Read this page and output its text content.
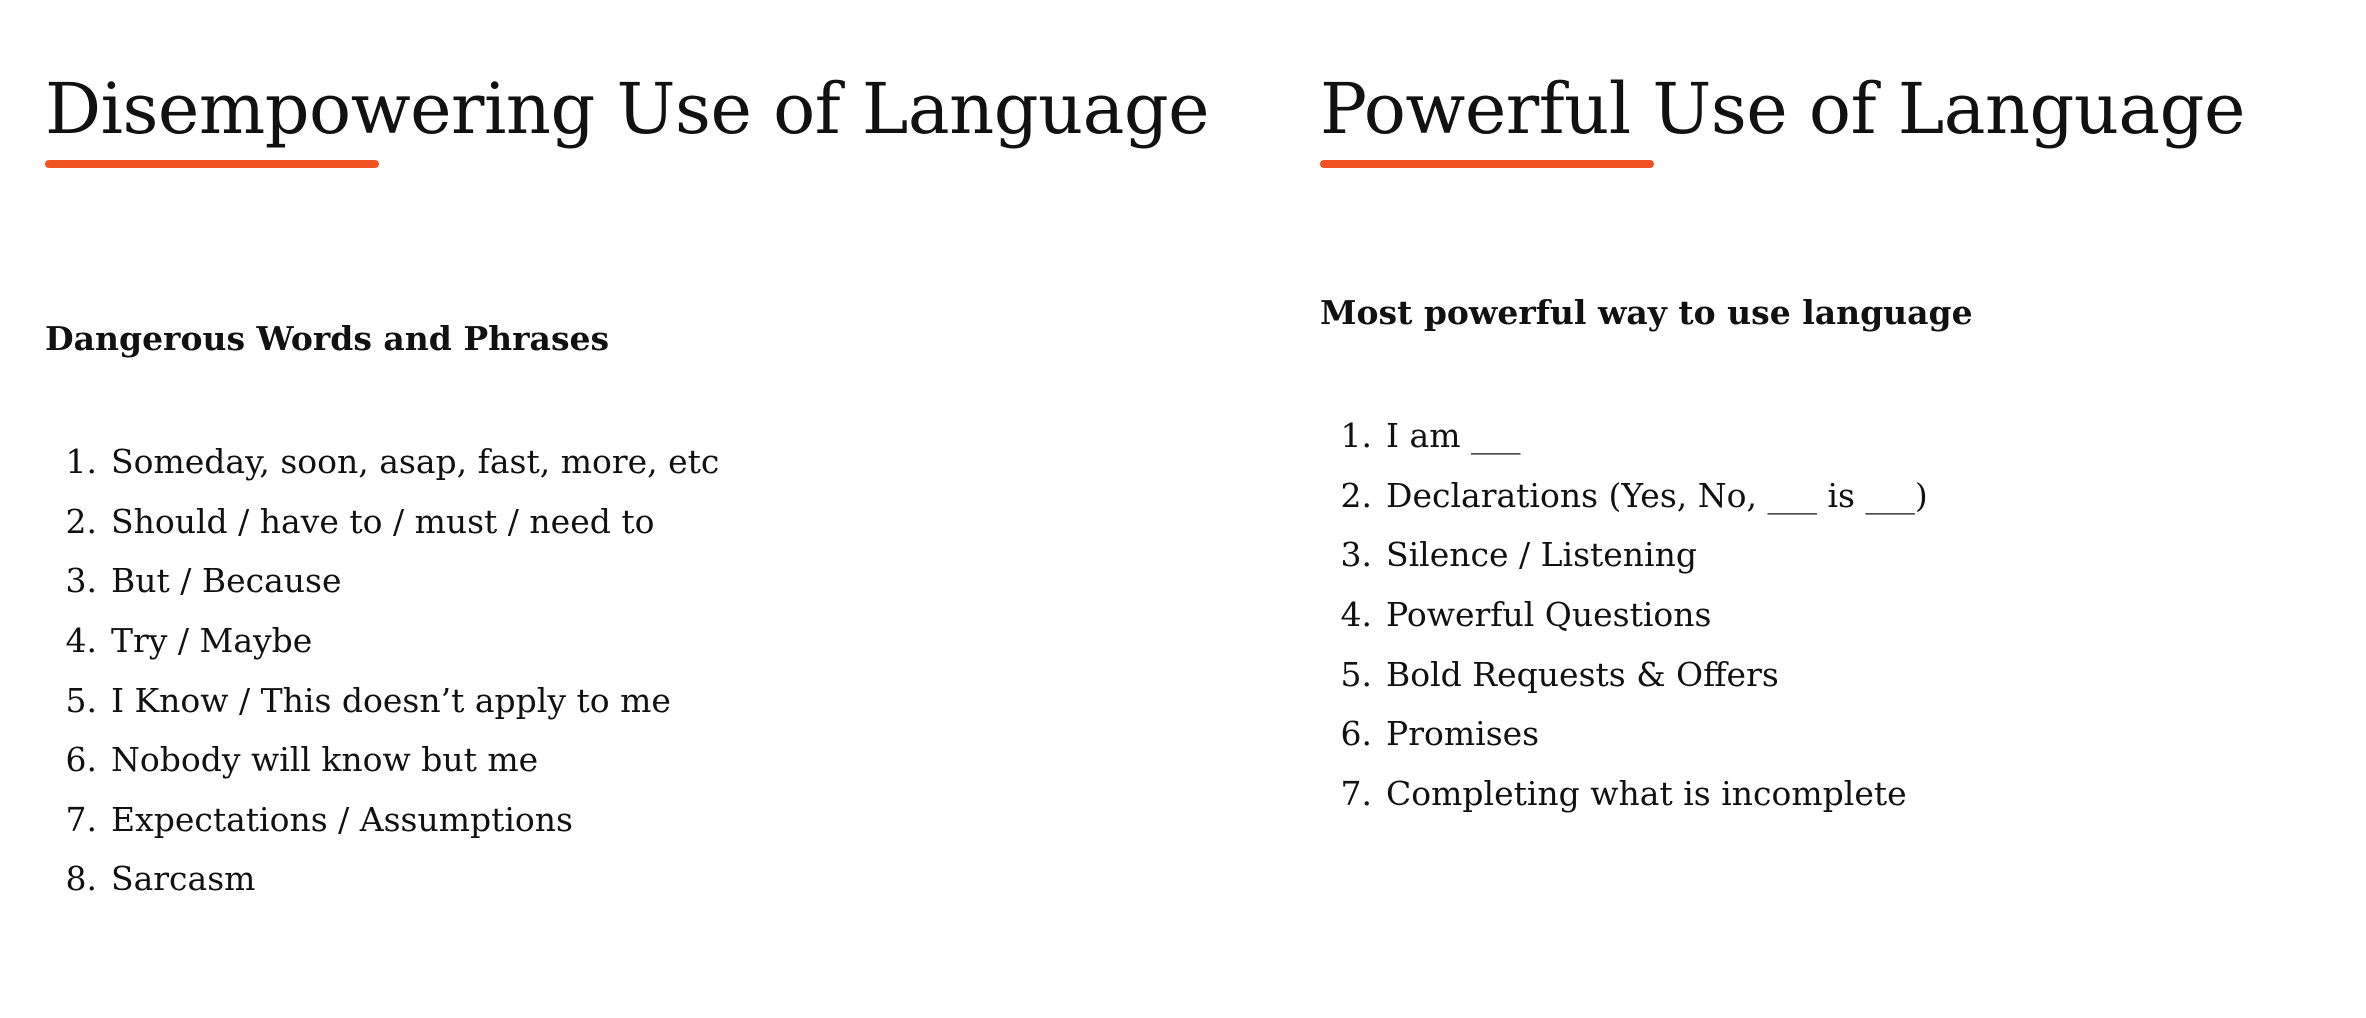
Disempowering Use of Language
Dangerous Words and Phrases
1 . Someday, soon, asap, fast, more, etc
2 . Should / have to / must / need to
3 . But / Because
4 . Try / Maybe
5 . I Know / This doesn’t apply to me
6 . Nobody will know but me
7 . Expectations / Assumptions
8 . Sarcasm
Powerful Use of Language
Most powerful way to use language
1 . I am ___
2 . Declarations (Yes, No, ___ is ___)
3 . Silence / Listening
4 . Powerful Questions
5 . Bold Requests & Offers
6 . Promises
7 . Completing what is incomplete
